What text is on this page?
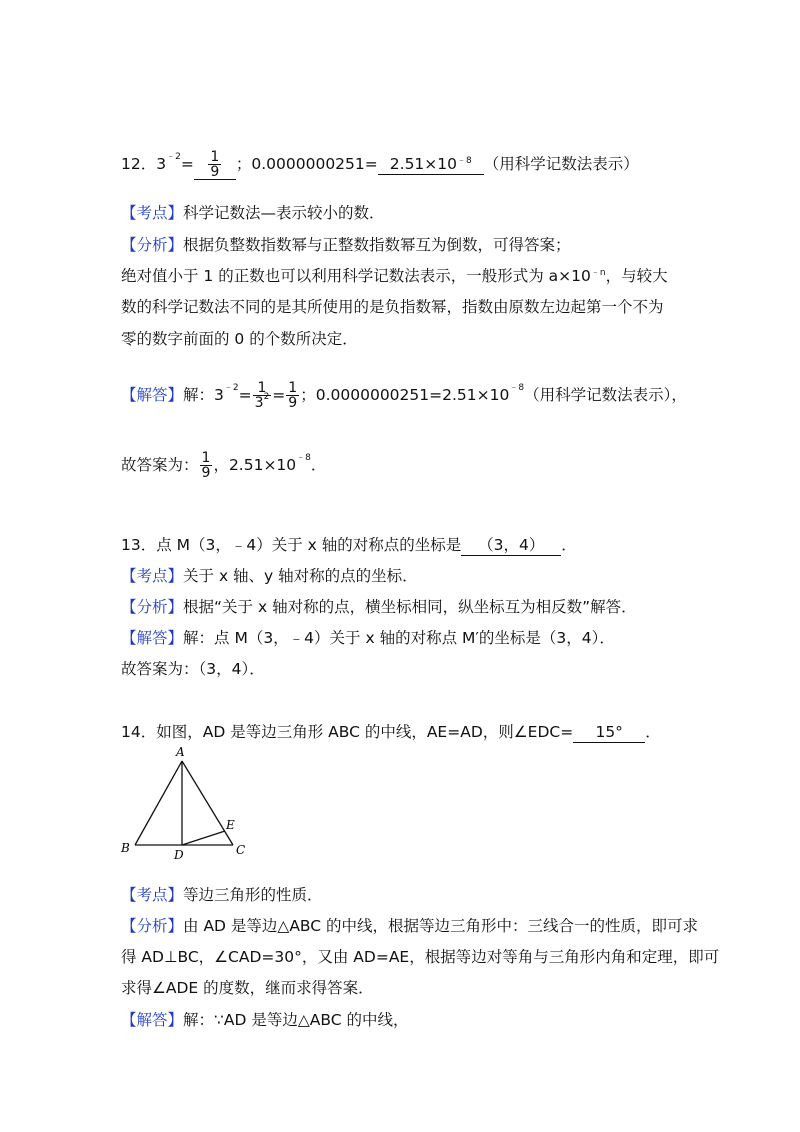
12．$3^{﹣2}= \frac{1}{9}$ ；$0.0000000251= 2.51\times 10^{﹣8}$ （用科学记数法表示）
【考点】科学记数法—表示较小的数．
【分析】根据负整数指数幂与正整数指数幂互为倒数，可得答案；
绝对值小于 1 的正数也可以利用科学记数法表示，一般形式为 $a\times 10^{﹣n}$，与较大
数的科学记数法不同的是其所使用的是负指数幂，指数由原数左边起第一个不为
零的数字前面的 0 的个数所决定．
【解答】解：$3^{﹣2}= \frac{1}{3^2} = \frac{1}{9}$ ；$0.0000000251=2.51\times 10^{﹣8}$（用科学记数法表示），
故答案为： $\frac{1}{9}$ ，$2.51\times 10^{﹣8}$．
13．点 M（3，﹣4）关于 x 轴的对称点的坐标是 （3，4） ．
【考点】关于 x 轴、y 轴对称的点的坐标．
【分析】根据“关于 x 轴对称的点，横坐标相同，纵坐标互为相反数”解答．
【解答】解：点 M（3，﹣4）关于 x 轴的对称点 M′的坐标是（3，4）．
故答案为：（3，4）．
14．如图，AD 是等边三角形 ABC 的中线，AE=AD，则∠EDC= 15° ．
A
B	C
D
E
【考点】等边三角形的性质．
【分析】由 AD 是等边△ABC 的中线，根据等边三角形中：三线合一的性质，即可求
得 AD⊥BC，∠CAD=30°，又由 AD=AE，根据等边对等角与三角形内角和定理，即可
求得∠ADE 的度数，继而求得答案．
【解答】解：∵AD 是等边△ABC 的中线，
